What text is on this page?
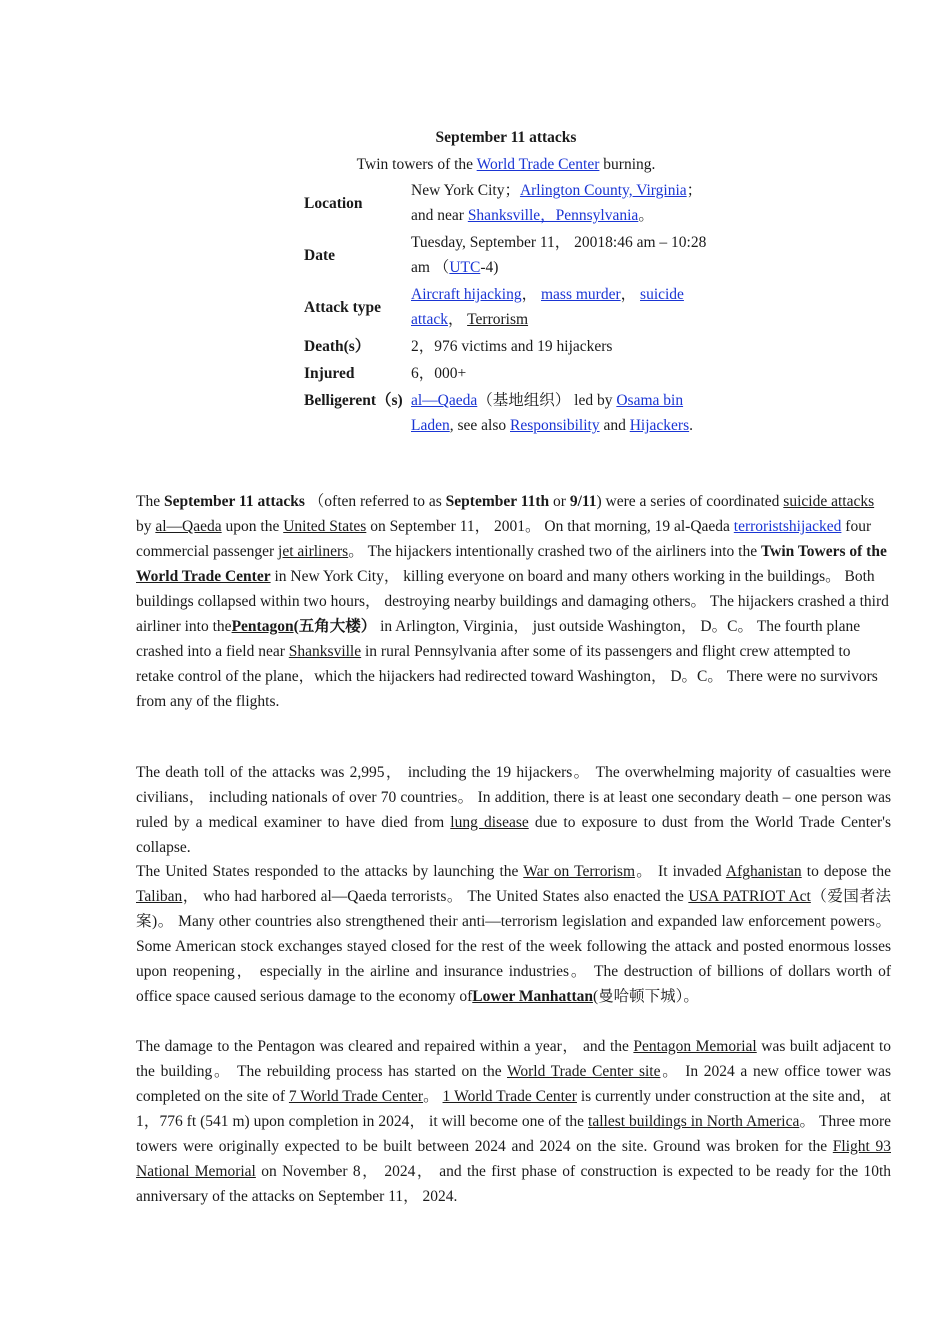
September 11 attacks
Twin towers of the World Trade Center burning.
Location
New York City；Arlington County, Virginia；and near Shanksville，Pennsylvania。
Date
Tuesday, September 11， 20018:46 am – 10:28 am （UTC-4)
Attack type
Aircraft hijacking， mass murder， suicide attack， Terrorism
Death(s）	2，976 victims and 19 hijackers
Injured	6，000+
Belligerent（s) al—Qaeda（基地组织） led by Osama bin Laden, see also Responsibility and Hijackers.

The September 11 attacks （often referred to as September 11th or 9/11) were a series of coordinated suicide attacks by al—Qaeda upon the United States on September 11， 2001。 On that morning, 19 al-Qaeda terroristshijacked four commercial passenger jet airliners。 The hijackers intentionally crashed two of the airliners into the Twin Towers of the World Trade Center in New York City， killing everyone on board and many others working in the buildings。 Both buildings collapsed within two hours， destroying nearby buildings and damaging others。 The hijackers crashed a third airliner into thePentagon(五角大楼） in Arlington, Virginia， just outside Washington， D。C。 The fourth plane crashed into a field near Shanksville in rural Pennsylvania after some of its passengers and flight crew attempted to retake control of the plane，which the hijackers had redirected toward Washington， D。C。 There were no survivors from any of the flights.

The death toll of the attacks was 2,995， including the 19 hijackers。 The overwhelming majority of casualties were civilians， including nationals of over 70 countries。 In addition, there is at least one secondary death – one person was ruled by a medical examiner to have died from lung disease due to exposure to dust from the World Trade Center's collapse.

The United States responded to the attacks by launching the War on Terrorism。 It invaded Afghanistan to depose the Taliban， who had harbored al—Qaeda terrorists。 The United States also enacted the USA PATRIOT Act（爱国者法案)。 Many other countries also strengthened their anti—terrorism legislation and expanded law enforcement powers。 Some American stock exchanges stayed closed for the rest of the week following the attack and posted enormous losses upon reopening， especially in the airline and insurance industries。 The destruction of billions of dollars worth of office space caused serious damage to the economy ofLower Manhattan(曼哈顿下城）。

The damage to the Pentagon was cleared and repaired within a year， and the Pentagon Memorial was built adjacent to the building。 The rebuilding process has started on the World Trade Center site。 In 2024 a new office tower was completed on the site of 7 World Trade Center。 1 World Trade Center is currently under construction at the site and， at 1，776 ft (541 m) upon completion in 2024， it will become one of the tallest buildings in North America。 Three more towers were originally expected to be built between 2024 and 2024 on the site. Ground was broken for the Flight 93 National Memorial on November 8， 2024， and the first phase of construction is expected to be ready for the 10th anniversary of the attacks on September 11， 2024.
